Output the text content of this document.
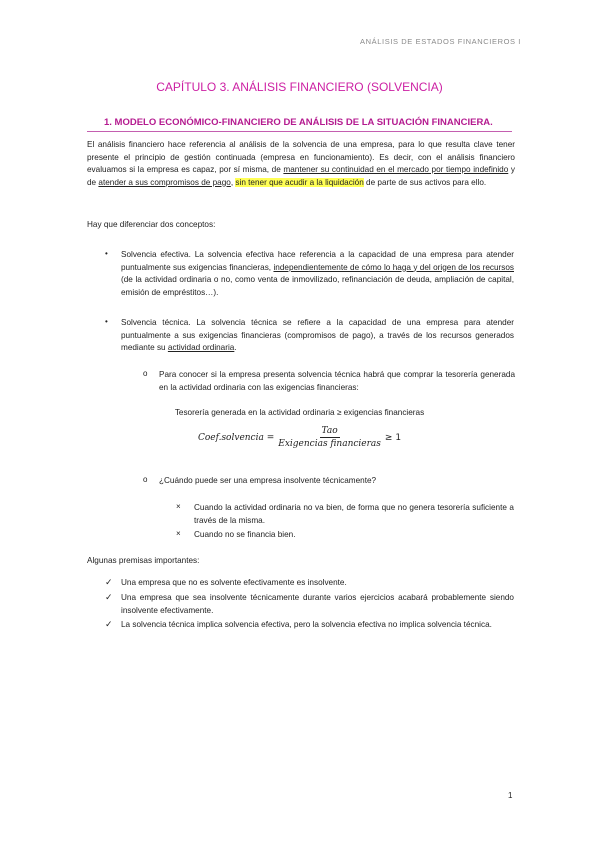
ANÁLISIS DE ESTADOS FINANCIEROS I
CAPÍTULO 3. ANÁLISIS FINANCIERO (SOLVENCIA)
1. MODELO ECONÓMICO-FINANCIERO DE ANÁLISIS DE LA SITUACIÓN FINANCIERA.

El análisis financiero hace referencia al análisis de la solvencia de una empresa, para lo que resulta clave tener presente el principio de gestión continuada (empresa en funcionamiento). Es decir, con el análisis financiero evaluamos si la empresa es capaz, por sí misma, de mantener su continuidad en el mercado por tiempo indefinido y de atender a sus compromisos de pago, sin tener que acudir a la liquidación de parte de sus activos para ello.

Hay que diferenciar dos conceptos:

• Solvencia efectiva. La solvencia efectiva hace referencia a la capacidad de una empresa para atender puntualmente sus exigencias financieras, independientemente de cómo lo haga y del origen de los recursos (de la actividad ordinaria o no, como venta de inmovilizado, refinanciación de deuda, ampliación de capital, emisión de empréstitos…).

• Solvencia técnica. La solvencia técnica se refiere a la capacidad de una empresa para atender puntualmente a sus exigencias financieras (compromisos de pago), a través de los recursos generados mediante su actividad ordinaria.

o Para conocer si la empresa presenta solvencia técnica habrá que comprar la tesorería generada en la actividad ordinaria con las exigencias financieras:

Tesorería generada en la actividad ordinaria ≥ exigencias financieras
Coef.solvencia = $\frac{\text{Tao}}{\text{Exigencias financieras}} \ge 1$
o ¿Cuándo puede ser una empresa insolvente técnicamente?

× Cuando la actividad ordinaria no va bien, de forma que no genera tesorería suficiente a través de la misma.

× Cuando no se financia bien.

Algunas premisas importantes:

✓ Una empresa que no es solvente efectivamente es insolvente.

✓ Una empresa que sea insolvente técnicamente durante varios ejercicios acabará probablemente siendo insolvente efectivamente.

✓ La solvencia técnica implica solvencia efectiva, pero la solvencia efectiva no implica solvencia técnica.

1
